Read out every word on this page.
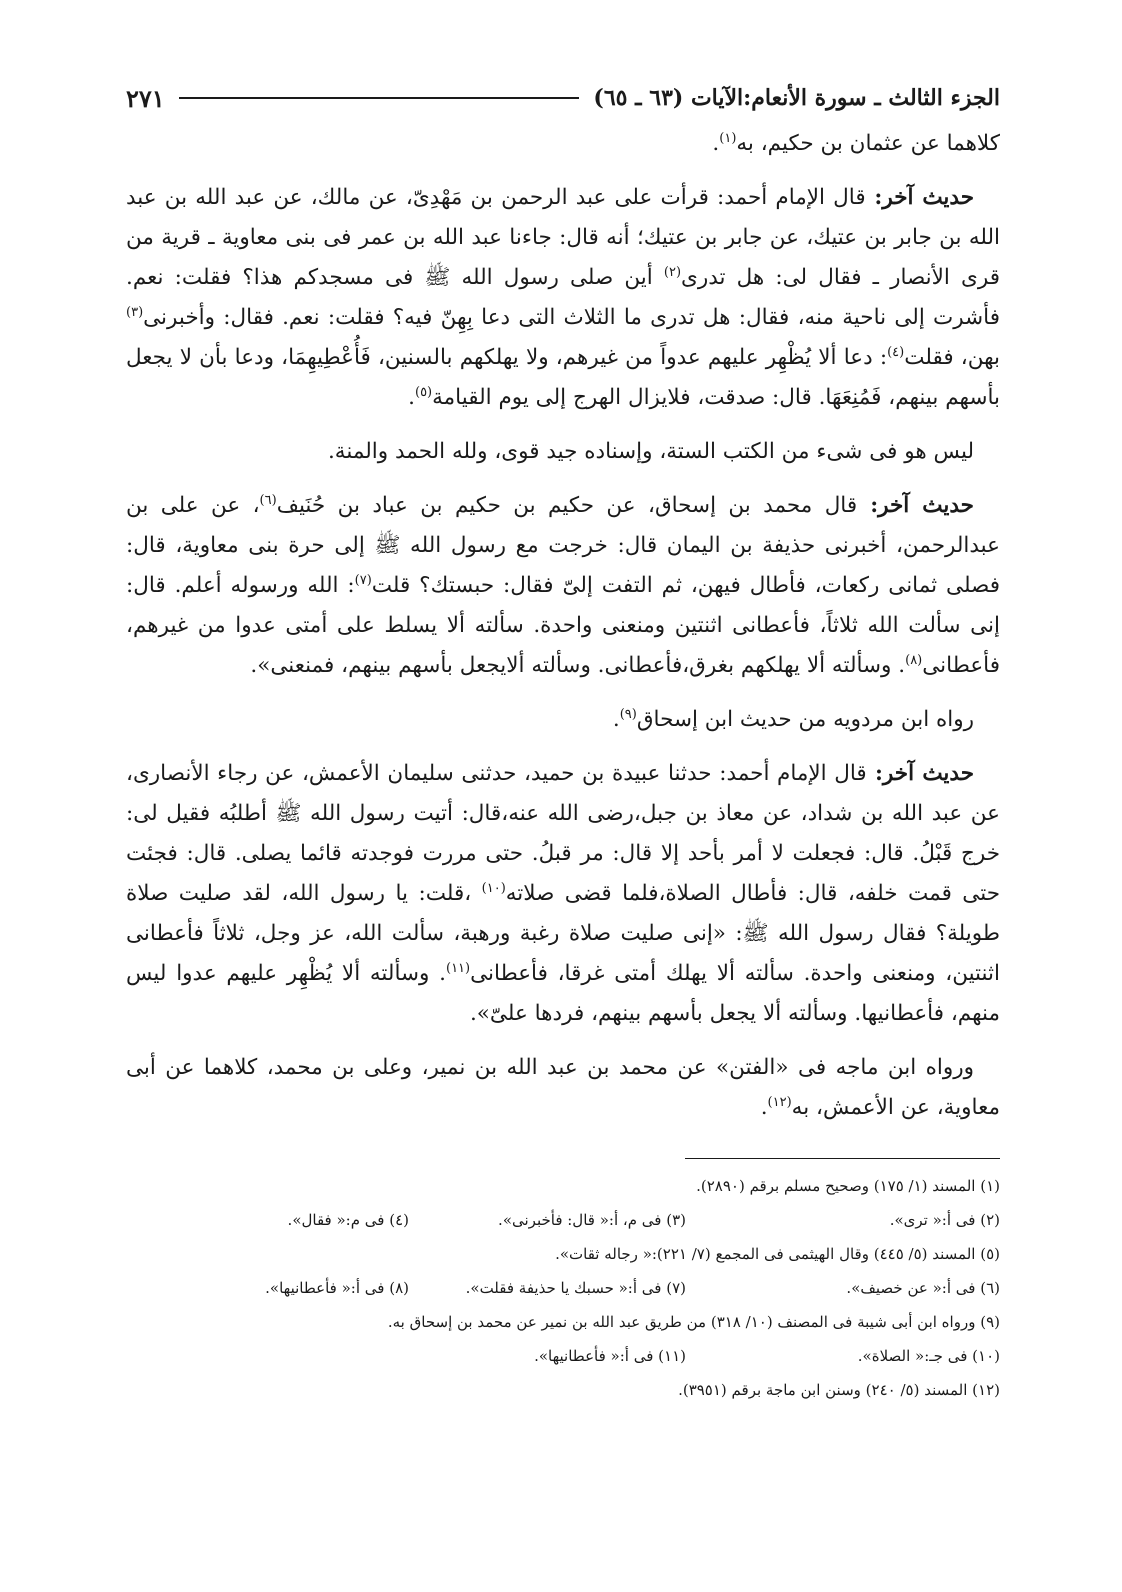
الجزء الثالث ـ سورة الأنعام:الآيات (٦٣ ـ ٦٥)
٢٧١

كلاهما عن عثمان بن حكيم، به$^{(١)}$.

حديث آخر: قال الإمام أحمد: قرأت على عبد الرحمن بن مَهْدِىّ، عن مالك، عن عبد الله بن عبد الله بن جابر بن عتيك، عن جابر بن عتيك؛ أنه قال: جاءنا عبد الله بن عمر فى بنى معاوية ـ قرية من قرى الأنصار ـ فقال لى: هل تدرى$^{(٢)}$ أين صلى رسول الله ﷺ فى مسجدكم هذا؟ فقلت: نعم. فأشرت إلى ناحية منه، فقال: هل تدرى ما الثلاث التى دعا بِهِنّ فيه؟ فقلت: نعم. فقال: وأخبرنى$^{(٣)}$ بهن، فقلت$^{(٤)}$: دعا ألا يُظْهِر عليهم عدواً من غيرهم، ولا يهلكهم بالسنين، فَأُعْطِيهِمَا، ودعا بأن لا يجعل بأسهم بينهم، فَمُنِعَهَا. قال: صدقت، فلايزال الهرج إلى يوم القيامة$^{(٥)}$.

ليس هو فى شىء من الكتب الستة، وإسناده جيد قوى، ولله الحمد والمنة.

حديث آخر: قال محمد بن إسحاق، عن حكيم بن حكيم بن عباد بن حُنَيف$^{(٦)}$، عن على بن عبدالرحمن، أخبرنى حذيفة بن اليمان قال: خرجت مع رسول الله ﷺ إلى حرة بنى معاوية، قال: فصلى ثمانى ركعات، فأطال فيهن، ثم التفت إلىّ فقال: حبستك؟ قلت$^{(٧)}$: الله ورسوله أعلم. قال: إنى سألت الله ثلاثاً، فأعطانى اثنتين ومنعنى واحدة. سألته ألا يسلط على أمتى عدوا من غيرهم، فأعطانى$^{(٨)}$. وسألته ألا يهلكهم بغرق،فأعطانى. وسألته ألايجعل بأسهم بينهم، فمنعنى».

رواه ابن مردويه من حديث ابن إسحاق$^{(٩)}$.

حديث آخر: قال الإمام أحمد: حدثنا عبيدة بن حميد، حدثنى سليمان الأعمش، عن رجاء الأنصارى، عن عبد الله بن شداد، عن معاذ بن جبل،رضى الله عنه،قال: أتيت رسول الله ﷺ أطلبُه فقيل لى: خرج قَبْلُ. قال: فجعلت لا أمر بأحد إلا قال: مر قبلُ. حتى مررت فوجدته قائما يصلى. قال: فجئت حتى قمت خلفه، قال: فأطال الصلاة،فلما قضى صلاته$^{(١٠)}$ ،قلت: يا رسول الله، لقد صليت صلاة طويلة؟ فقال رسول الله ﷺ: «إنى صليت صلاة رغبة ورهبة، سألت الله، عز وجل، ثلاثاً فأعطانى اثنتين، ومنعنى واحدة. سألته ألا يهلك أمتى غرقا، فأعطانى$^{(١١)}$. وسألته ألا يُظْهِر عليهم عدوا ليس منهم، فأعطانيها. وسألته ألا يجعل بأسهم بينهم، فردها علىّ».

ورواه ابن ماجه فى «الفتن» عن محمد بن عبد الله بن نمير، وعلى بن محمد، كلاهما عن أبى معاوية، عن الأعمش، به$^{(١٢)}$.

(١) المسند (١/ ١٧٥) وصحيح مسلم برقم (٢٨٩٠).
(٢) فى أ:« ترى».
(٣) فى م، أ:« قال: فأخبرنى».
(٤) فى م:« فقال».
(٥) المسند (٥/ ٤٤٥) وقال الهيثمى فى المجمع (٧/ ٢٢١):« رجاله ثقات».
(٦) فى أ:« عن خصيف».
(٧) فى أ:« حسبك يا حذيفة فقلت».
(٨) فى أ:« فأعطانيها».
(٩) ورواه ابن أبى شيبة فى المصنف (١٠/ ٣١٨) من طريق عبد الله بن نمير عن محمد بن إسحاق به.
(١٠) فى جـ:« الصلاة».
(١١) فى أ:« فأعطانيها».
(١٢) المسند (٥/ ٢٤٠) وسنن ابن ماجة برقم (٣٩٥١).
